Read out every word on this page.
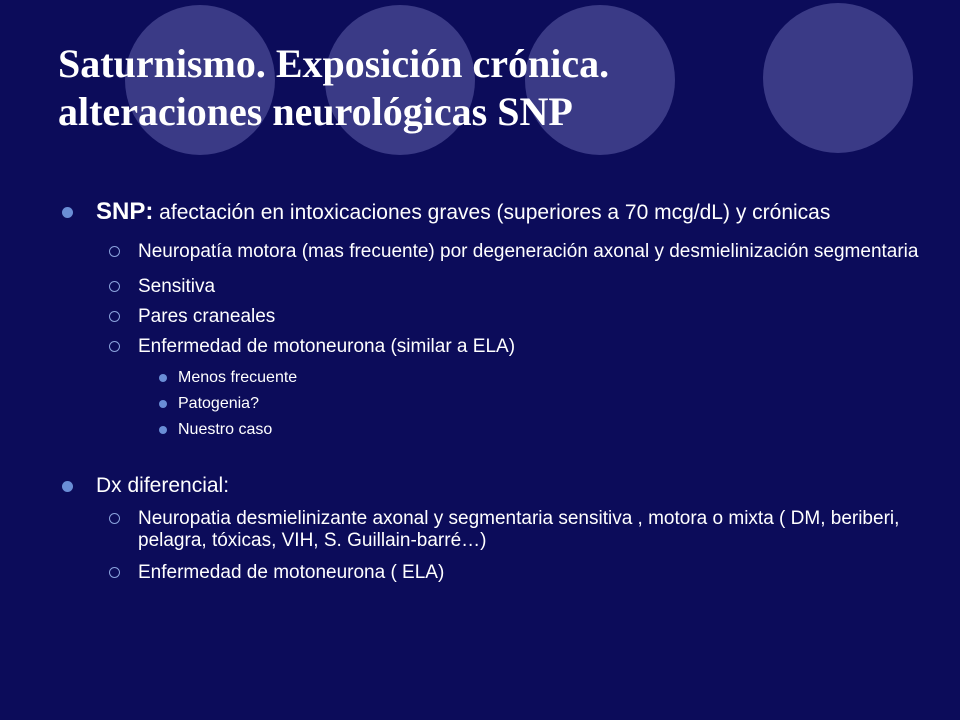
Saturnismo. Exposición crónica.
alteraciones neurológicas SNP
SNP: afectación en intoxicaciones graves (superiores a 70 mcg/dL) y crónicas
Neuropatía motora (mas frecuente) por degeneración axonal y desmielinización segmentaria
Sensitiva
Pares craneales
Enfermedad de motoneurona (similar a ELA)
Menos frecuente
Patogenia?
Nuestro caso
Dx diferencial:
Neuropatia desmielinizante axonal y segmentaria sensitiva , motora o mixta ( DM, beriberi, pelagra, tóxicas, VIH, S. Guillain-barré…)
Enfermedad de motoneurona ( ELA)
